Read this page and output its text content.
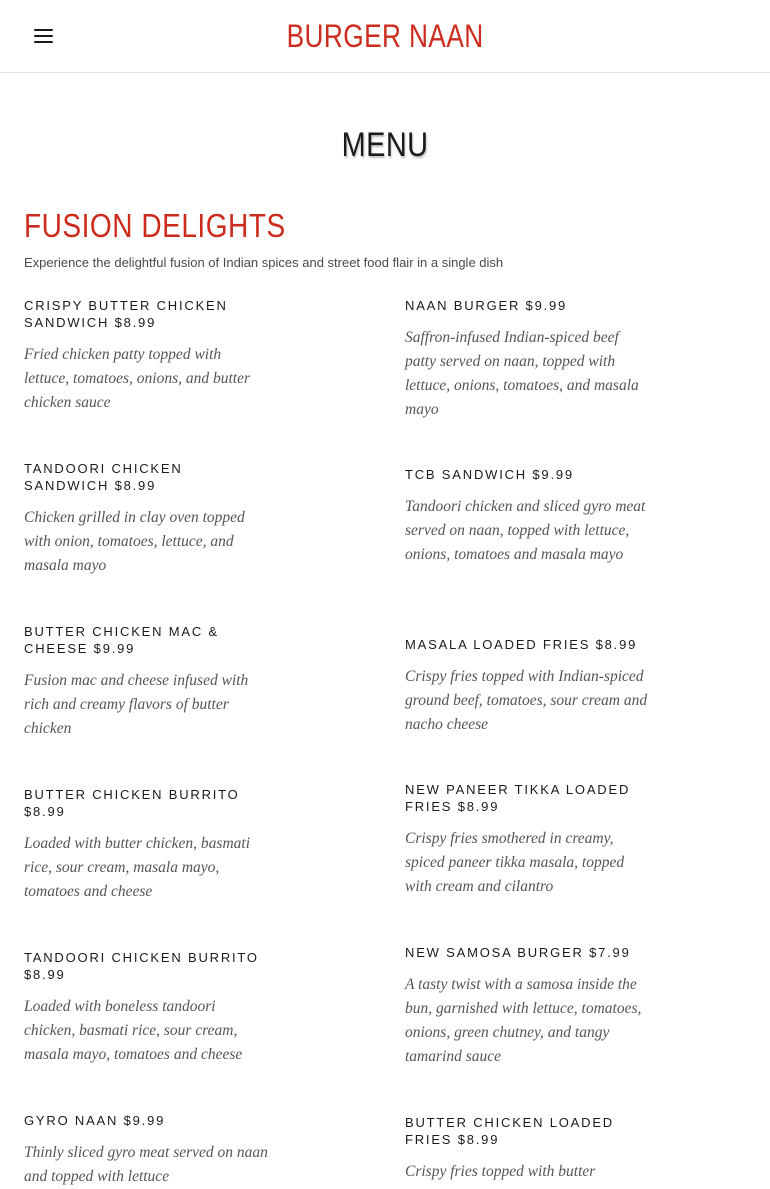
BURGER NAAN
MENU
FUSION DELIGHTS
Experience the delightful fusion of Indian spices and street food flair in a single dish
CRISPY BUTTER CHICKEN SANDWICH $8.99

Fried chicken patty topped with lettuce, tomatoes, onions, and butter chicken sauce

TANDOORI CHICKEN SANDWICH $8.99

Chicken grilled in clay oven topped with onion, tomatoes, lettuce, and masala mayo

BUTTER CHICKEN MAC & CHEESE $9.99

Fusion mac and cheese infused with rich and creamy flavors of butter chicken

BUTTER CHICKEN BURRITO $8.99

Loaded with butter chicken, basmati rice, sour cream, masala mayo, tomatoes and cheese

TANDOORI CHICKEN BURRITO $8.99

Loaded with boneless tandoori chicken, basmati rice, sour cream, masala mayo, tomatoes and cheese

GYRO NAAN $9.99

Thinly sliced gyro meat served on naan and topped with lettuce

NAAN BURGER $9.99

Saffron-infused Indian-spiced beef patty served on naan, topped with lettuce, onions, tomatoes, and masala mayo

TCB SANDWICH $9.99

Tandoori chicken and sliced gyro meat served on naan, topped with lettuce, onions, tomatoes and masala mayo

MASALA LOADED FRIES $8.99

Crispy fries topped with Indian-spiced ground beef, tomatoes, sour cream and nacho cheese

NEW PANEER TIKKA LOADED FRIES $8.99

Crispy fries smothered in creamy, spiced paneer tikka masala, topped with cream and cilantro

NEW SAMOSA BURGER $7.99

A tasty twist with a samosa inside the bun, garnished with lettuce, tomatoes, onions, green chutney, and tangy tamarind sauce

BUTTER CHICKEN LOADED FRIES $8.99

Crispy fries topped with butter
